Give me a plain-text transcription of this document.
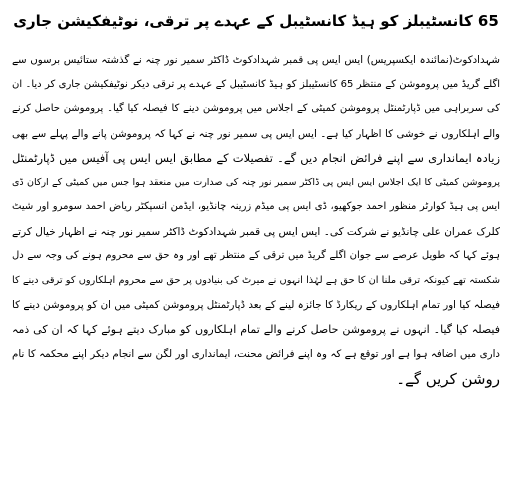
65 کانسٹیبلز کو ہیڈ کانسٹیبل کے عہدے پر ترقی، نوٹیفکیشن جاری
شہدادکوٹ(نمائندہ ایکسپریس) ایس ایس پی قمبر شہدادکوٹ ڈاکٹر سمیر نور چنہ نے گذشتہ ستائیس برسوں سے
اگلے گریڈ میں پروموشن کے منتظر 65 کانسٹیبلز کو ہیڈ کانسٹیبل کے عہدے پر ترقی دیکر نوٹیفکیشن جاری کر دیا۔ ان
کی سربراہی میں ڈپارٹمنٹل پروموشن کمیٹی کے اجلاس میں پروموشن دینے کا فیصلہ کیا گیا۔ پروموشن حاصل کرنے
والے اہلکاروں نے خوشی کا اظہار کیا ہے۔ ایس ایس پی سمیر نور چنہ نے کہا کہ پروموشن پانے والے پہلے سے بھی
زیادہ ایمانداری سے اپنے فرائض انجام دیں گے۔ تفصیلات کے مطابق ایس ایس پی آفیس میں ڈپارٹمنٹل
پروموشن کمیٹی کا ایک اجلاس ایس ایس پی ڈاکٹر سمیر نور چنہ کی صدارت میں منعقد ہوا جس میں کمیٹی کے ارکان ڈی
ایس پی ہیڈ کوارٹر منظور احمد جوکھیو، ڈی ایس پی میڈم زرینہ چانڈیو، ایڈمن انسپکٹر ریاض احمد سومرو اور شیٹ
کلرک عمران علی چانڈیو نے شرکت کی۔ ایس ایس پی قمبر شہدادکوٹ ڈاکٹر سمیر نور چنہ نے اظہار خیال کرتے
ہوئے کہا کہ طویل عرصے سے جوان اگلے گریڈ میں ترقی کے منتظر تھے اور وہ حق سے محروم ہونے کی وجہ سے دل
شکستہ تھے کیونکہ ترقی ملنا ان کا حق ہے لہٰذا انہوں نے میرٹ کی بنیادوں پر حق سے محروم اہلکاروں کو ترقی دینے کا
فیصلہ کیا اور تمام اہلکاروں کے ریکارڈ کا جائزہ لینے کے بعد ڈپارٹمنٹل پروموشن کمیٹی میں ان کو پروموشن دینے کا
فیصلہ کیا گیا۔ انہوں نے پروموشن حاصل کرنے والے تمام اہلکاروں کو مبارک دیتے ہوئے کہا کہ ان کی ذمہ
داری میں اضافہ ہوا ہے اور توقع ہے کہ وہ اپنے فرائض محنت، ایمانداری اور لگن سے انجام دیکر اپنے محکمہ کا نام
روشن کریں گے۔
